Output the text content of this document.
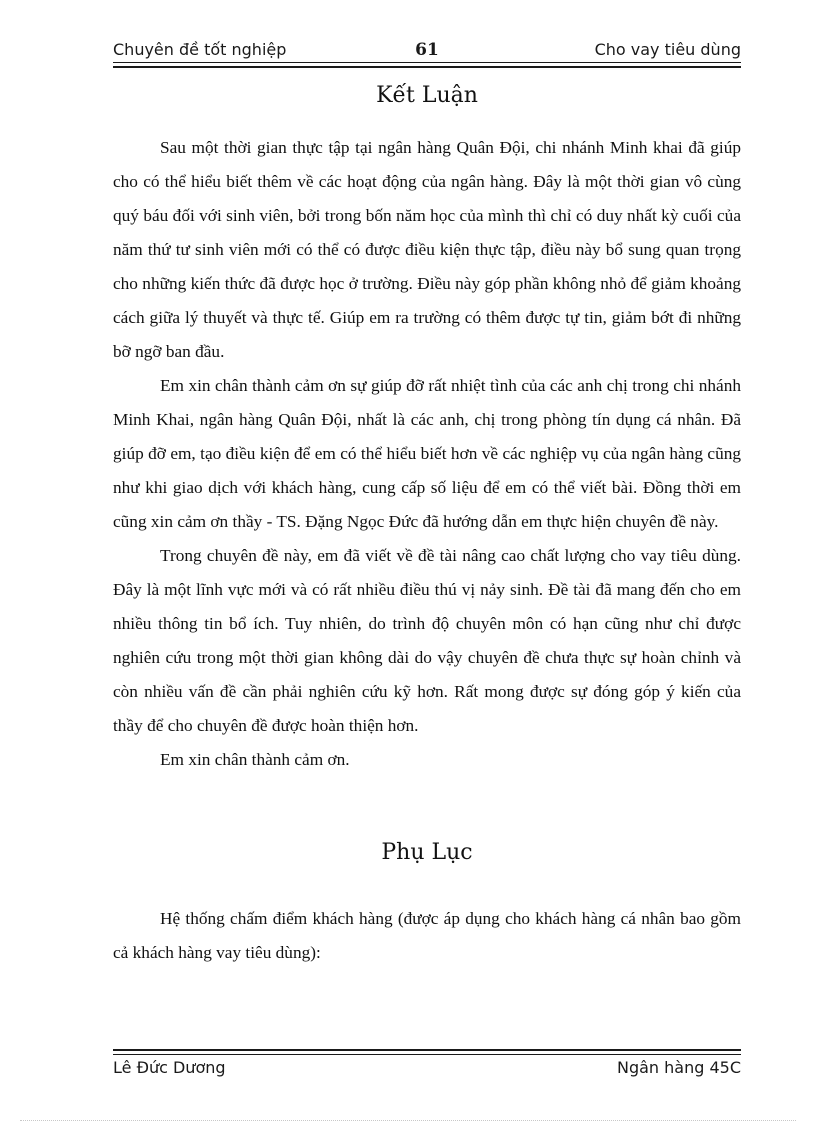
Chuyên đề tốt nghiệp	61	Cho vay tiêu dùng
Kết Luận

Sau một thời gian thực tập tại ngân hàng Quân Đội, chi nhánh Minh khai đã giúp cho có thể hiểu biết thêm về các hoạt động của ngân hàng. Đây là một thời gian vô cùng quý báu đối với sinh viên, bởi trong bốn năm học của mình thì chỉ có duy nhất kỳ cuối của năm thứ tư sinh viên mới có thể có được điều kiện thực tập, điều này bổ sung quan trọng cho những kiến thức đã được học ở trường. Điều này góp phần không nhỏ để giảm khoảng cách giữa lý thuyết và thực tế. Giúp em ra trường có thêm được tự tin, giảm bớt đi những bỡ ngỡ ban đầu.

Em xin chân thành cảm ơn sự giúp đỡ rất nhiệt tình của các anh chị trong chi nhánh Minh Khai, ngân hàng Quân Đội, nhất là các anh, chị trong phòng tín dụng cá nhân. Đã giúp đỡ em, tạo điều kiện để em có thể hiểu biết hơn về các nghiệp vụ của ngân hàng cũng như khi giao dịch với khách hàng, cung cấp số liệu để em có thể viết bài. Đồng thời em cũng xin cảm ơn thầy - TS. Đặng Ngọc Đức đã hướng dẫn em thực hiện chuyên đề này.

Trong chuyên đề này, em đã viết về đề tài nâng cao chất lượng cho vay tiêu dùng. Đây là một lĩnh vực mới và có rất nhiều điều thú vị nảy sinh. Đề tài đã mang đến cho em nhiều thông tin bổ ích. Tuy nhiên, do trình độ chuyên môn có hạn cũng như chỉ được nghiên cứu trong một thời gian không dài do vậy chuyên đề chưa thực sự hoàn chỉnh và còn nhiều vấn đề cần phải nghiên cứu kỹ hơn. Rất mong được sự đóng góp ý kiến của thầy để cho chuyên đề được hoàn thiện hơn.

Em xin chân thành cảm ơn.

Phụ Lục

Hệ thống chấm điểm khách hàng (được áp dụng cho khách hàng cá nhân bao gồm cả khách hàng vay tiêu dùng):

Lê Đức Dương	Ngân hàng 45C
